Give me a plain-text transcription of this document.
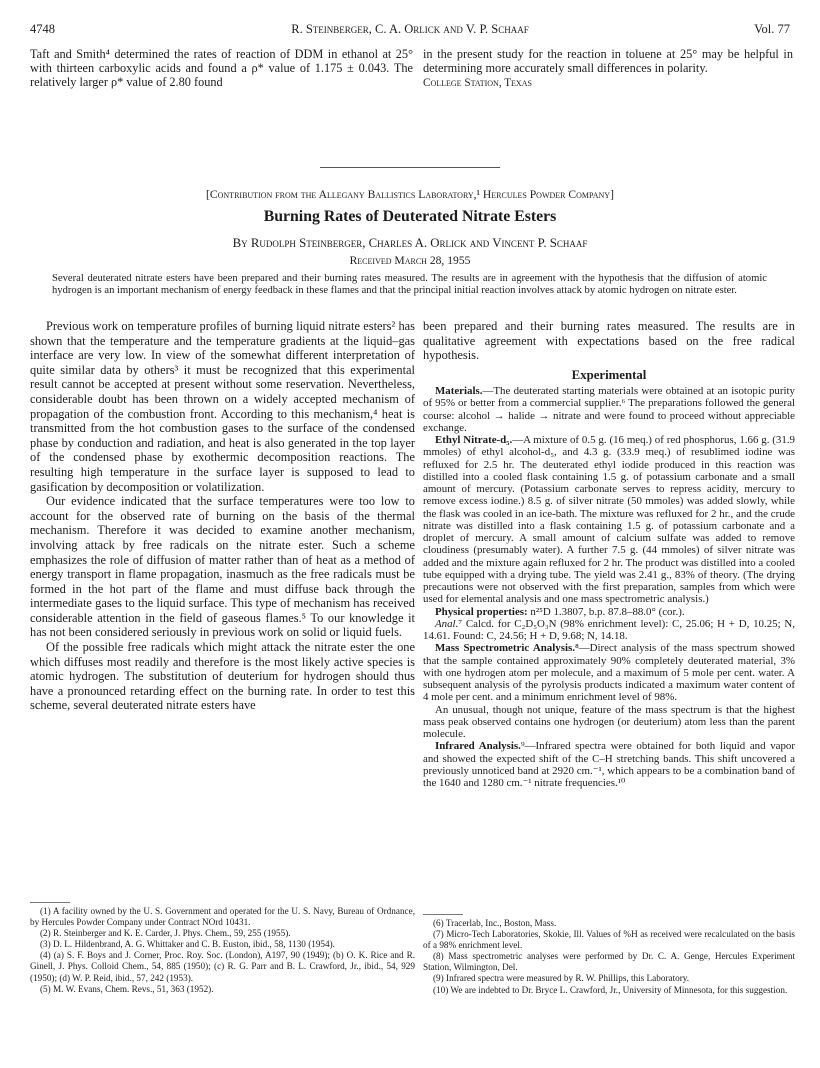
4748	R. Steinberger, C. A. Orlick and V. P. Schaaf	Vol. 77
Taft and Smith⁴ determined the rates of reaction of DDM in ethanol at 25° with thirteen carboxylic acids and found a ρ* value of 1.175 ± 0.043. The relatively larger ρ* value of 2.80 found
in the present study for the reaction in toluene at 25° may be helpful in determining more accurately small differences in polarity.
College Station, Texas
[Contribution from the Allegany Ballistics Laboratory,¹ Hercules Powder Company]
Burning Rates of Deuterated Nitrate Esters
By Rudolph Steinberger, Charles A. Orlick and Vincent P. Schaaf
Received March 28, 1955
Several deuterated nitrate esters have been prepared and their burning rates measured. The results are in agreement with the hypothesis that the diffusion of atomic hydrogen is an important mechanism of energy feedback in these flames and that the principal initial reaction involves attack by atomic hydrogen on nitrate ester.

Previous work on temperature profiles of burning liquid nitrate esters² has shown that the temperature and the temperature gradients at the liquid–gas interface are very low. In view of the somewhat different interpretation of quite similar data by others³ it must be recognized that this experimental result cannot be accepted at present without some reservation. Nevertheless, considerable doubt has been thrown on a widely accepted mechanism of propagation of the combustion front. According to this mechanism,⁴ heat is transmitted from the hot combustion gases to the surface of the condensed phase by conduction and radiation, and heat is also generated in the top layer of the condensed phase by exothermic decomposition reactions. The resulting high temperature in the surface layer is supposed to lead to gasification by decomposition or volatilization.

Our evidence indicated that the surface temperatures were too low to account for the observed rate of burning on the basis of the thermal mechanism. Therefore it was decided to examine another mechanism, involving attack by free radicals on the nitrate ester. Such a scheme emphasizes the role of diffusion of matter rather than of heat as a method of energy transport in flame propagation, inasmuch as the free radicals must be formed in the hot part of the flame and must diffuse back through the intermediate gases to the liquid surface. This type of mechanism has received considerable attention in the field of gaseous flames.⁵ To our knowledge it has not been considered seriously in previous work on solid or liquid fuels.

Of the possible free radicals which might attack the nitrate ester the one which diffuses most readily and therefore is the most likely active species is atomic hydrogen. The substitution of deuterium for hydrogen should thus have a pronounced retarding effect on the burning rate. In order to test this scheme, several deuterated nitrate esters have

been prepared and their burning rates measured. The results are in qualitative agreement with expectations based on the free radical hypothesis.

Experimental

Materials.—The deuterated starting materials were obtained at an isotopic purity of 95% or better from a commercial supplier.⁶ The preparations followed the general course: alcohol → halide → nitrate and were found to proceed without appreciable exchange.

Ethyl Nitrate-d₅.—A mixture of 0.5 g. (16 meq.) of red phosphorus, 1.66 g. (31.9 mmoles) of ethyl alcohol-d₅, and 4.3 g. (33.9 meq.) of resublimed iodine was refluxed for 2.5 hr. The deuterated ethyl iodide produced in this reaction was distilled into a cooled flask containing 1.5 g. of potassium carbonate and a small amount of mercury. (Potassium carbonate serves to repress acidity, mercury to remove excess iodine.) 8.5 g. of silver nitrate (50 mmoles) was added slowly, while the flask was cooled in an ice-bath. The mixture was refluxed for 2 hr., and the crude nitrate was distilled into a flask containing 1.5 g. of potassium carbonate and a droplet of mercury. A small amount of calcium sulfate was added to remove cloudiness (presumably water). A further 7.5 g. (44 mmoles) of silver nitrate was added and the mixture again refluxed for 2 hr. The product was distilled into a cooled tube equipped with a drying tube. The yield was 2.41 g., 83% of theory. (The drying precautions were not observed with the first preparation, samples from which were used for elemental analysis and one mass spectrometric analysis.)

Physical properties: n²⁵D 1.3807, b.p. 87.8–88.0° (cor.).

Anal.⁷ Calcd. for C₂D₅O₃N (98% enrichment level): C, 25.06; H + D, 10.25; N, 14.61. Found: C, 24.56; H + D, 9.68; N, 14.18.

Mass Spectrometric Analysis.⁸—Direct analysis of the mass spectrum showed that the sample contained approximately 90% completely deuterated material, 3% with one hydrogen atom per molecule, and a maximum of 5 mole per cent. water. A subsequent analysis of the pyrolysis products indicated a maximum water content of 4 mole per cent. and a minimum enrichment level of 98%.

An unusual, though not unique, feature of the mass spectrum is that the highest mass peak observed contains one hydrogen (or deuterium) atom less than the parent molecule.

Infrared Analysis.⁹—Infrared spectra were obtained for both liquid and vapor and showed the expected shift of the C–H stretching bands. This shift uncovered a previously unnoticed band at 2920 cm.⁻¹, which appears to be a combination band of the 1640 and 1280 cm.⁻¹ nitrate frequencies.¹⁰

(1) A facility owned by the U. S. Government and operated for the U. S. Navy, Bureau of Ordnance, by Hercules Powder Company under Contract NOrd 10431.

(2) R. Steinberger and K. E. Carder, J. Phys. Chem., 59, 255 (1955).

(3) D. L. Hildenbrand, A. G. Whittaker and C. B. Euston, ibid., 58, 1130 (1954).

(4) (a) S. F. Boys and J. Corner, Proc. Roy. Soc. (London), A197, 90 (1949); (b) O. K. Rice and R. Ginell, J. Phys. Colloid Chem., 54, 885 (1950); (c) R. G. Parr and B. L. Crawford, Jr., ibid., 54, 929 (1950); (d) W. P. Reid, ibid., 57, 242 (1953).

(5) M. W. Evans, Chem. Revs., 51, 363 (1952).

(6) Tracerlab, Inc., Boston, Mass.

(7) Micro-Tech Laboratories, Skokie, Ill. Values of %H as received were recalculated on the basis of a 98% enrichment level.

(8) Mass spectrometric analyses were performed by Dr. C. A. Genge, Hercules Experiment Station, Wilmington, Del.

(9) Infrared spectra were measured by R. W. Phillips, this Laboratory.

(10) We are indebted to Dr. Bryce L. Crawford, Jr., University of Minnesota, for this suggestion.
